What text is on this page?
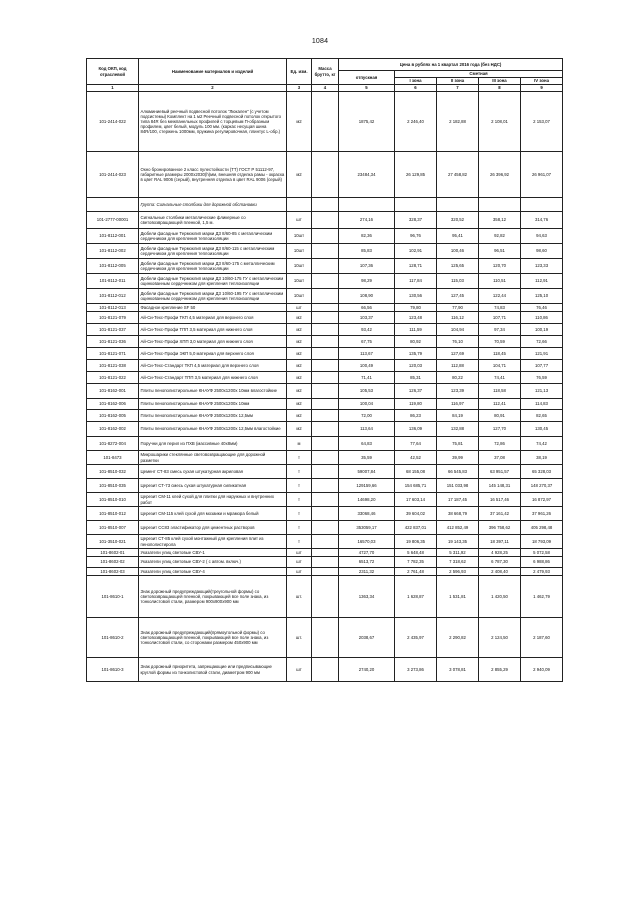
1084
Код ОКП, код отраслевой	Наименование материалов и изделий	Ед. изм.	Масса брутто, кг	Цена в рублях на 1 квартал 2016 года (без НДС)				
				отпускная	Сметная			
					I зона	II зона	III зона	IV зона
1	2	3	4	5	6	7	8	9
101-2414-022	Алюминиевый реечный подвесной потолок "Люкален" (с учетом подсистемы) Комплект на 1 м2 Реечный подвесной потолок открытого типа 84R без межпанельных профилей с торцевым П-образным профилем, цвет белый, модуль 100 мм. (каркас несущая шина 84R/100, стержень 1000мм, пружина регулировочная, плинтус L-обр.)	м2		1875,42	2 246,40	2 182,88	2 108,01	2 153,07
101-2414-023	Окно бронированное 2 класс пулестойкости (TT) ГОСТ Р 51112-97, габаритные размеры 2000х2030(h)мм, внешняя отделка рамы - окраска в цвет RAL 9006 (серый), внутренняя отделка в цвет RAL 9006 (серый)	м2		23484,34	26 129,85	27 458,82	26 396,92	26 961,07
	Группа: Сигнальные столбики для дорожной обстановки							
101-2777-00001	Сигнальные столбики металлические фликерные со световозвращающей пленкой, 1,5 м.	шт		274,16	328,37	320,52	358,12	314,76
101-8112-001	Дюбели фасадные Термоклип марки ДЗ 8/60-85 с металлическим сердечником для крепления теплоизоляции	10шт		82,36	96,76	95,41	92,82	94,63
101-8112-002	Дюбели фасадные Термоклип марки ДЗ 8/60-115 с металлическим сердечником для крепления теплоизоляции	10шт		85,83	102,91	100,46	96,51	98,60
101-8112-005	Дюбели фасадные Термоклип марки ДЗ 8/60-175 с металлическим сердечником для крепления теплоизоляции	10шт		107,36	128,71	125,65	120,70	123,33
101-8112-011	Дюбели фасадные Термоклип марки ДЗ 10/60-175 ГУ с металлическим оцинкованным сердечником для крепления теплоизоляции	10шт		98,29	117,84	115,03	110,51	112,91
101-8112-012	Дюбели фасадные Термоклип марки ДЗ 10/60-195 ГУ с металлическим оцинкованным сердечником для крепления теплоизоляции	10шт		108,90	130,56	127,45	122,44	125,10
101-8112-013	Фасадное крепление SF 50	шт		66,56	79,80	77,90	74,83	76,46
101-8121-079	Ай-Си-Техс-Профи ТКП 4,5 материал для верхнего слоя	м2		103,37	123,48	116,12	107,71	110,86
101-8121-037	Ай-Си-Техс-Профи ТПП 3,5 материал для нижнего слоя	м2		93,42	111,59	104,94	97,34	100,19
101-8121-036	Ай-Си-Техс-Профи ХПП 3,0 материал для нижнего слоя	м2		67,75	80,92	76,10	70,59	72,66
101-8121-071	Ай-Си-Техс-Профи ЭКП 5,0 материал для верхнего слоя	м2		113,67	135,79	127,69	118,45	121,91
101-8121-038	Ай-Си-Техс-Стандарт ТКП 4,5 материал для верхнего слоя	м2		100,49	120,03	112,88	104,71	107,77
101-8121-022	Ай-Си-Техс-Стандарт ТПП 3,5 материал для нижнего слоя	м2		71,41	85,31	80,22	74,41	76,59
101-8162-001	Плиты пенополистирольные КНАУФ 2500х1200х 10мм влагостойкие	м2		105,53	126,37	123,39	118,58	121,13
101-8162-006	Плиты пенополистирольные КНАУФ 2500х1200х 10мм	м2		100,04	119,80	116,97	112,41	114,83
101-8162-005	Плиты пенополистирольные КНАУФ 2500х1200х 12,5мм	м2		72,00	86,23	84,19	80,91	82,65
101-8162-002	Плиты пенополистирольные КНАУФ 2500х1200х 12,5мм влагостойкие	м2		113,64	136,09	132,88	127,70	130,45
101-8272-004	Поручни для перил из ПХВ (массивные 40х8мм)	м		64,83	77,64	75,81	72,86	74,42
101-8473	Микрошарики стеклянные световозвращающие для дорожной разметки	т		35,59	42,52	39,99	37,08	38,19
101-8510-032	Цемент СТ-83 смесь сухая штукатурная акриловая	т		59007,84	68 155,08	66 545,83	63 951,57	65 328,03
101-8510-035	Церезит СТ-73 смесь сухая штукатурная силикатная	т		129159,66	154 685,71	151 033,98	145 148,31	148 270,37
101-8510-010	Церезит СМ-11 клей сухой для плитки для наружных и внутренних работ	т		14698,20	17 603,14	17 187,45	16 517,46	16 872,97
101-8510-012	Церезит СМ-115 клей сухой для мозаики и мрамора белый	т		33068,46	39 604,02	38 668,79	37 161,42	37 961,26
101-8510-007	Церезит СС83 эластификатор для цементных растворов	т		353059,17	422 837,01	412 852,49	396 758,62	405 298,48
101-3510-021	Церезит СТ-85 клей сухой монтажный для крепления плит из пенополистирола	т		16570,03	19 806,35	19 143,35	18 397,11	18 793,09
101-8602-01	Указатели улиц световые СВУ-1	шт		4727,70	5 648,48	5 311,92	4 928,25	5 072,58
101-8602-02	Указатели улиц световые СВУ-2 ( с автом. включ.)	шт		6513,72	7 782,35	7 318,62	6 787,30	6 988,86
101-8602-03	Указатели улиц световые СВУ-4	шт		2311,32	2 761,48	2 596,93	2 408,40	2 479,93
101-8610-1	Знак дорожный предупреждающий(треугольной формы) со световозвращающей пленкой, покрывающей все поле знака, из тонколистовой стали, размером 900х900х900 мм	шт.		1363,34	1 628,87	1 531,81	1 420,50	1 462,79
101-8610-2	Знак дорожный предупреждающий(прямоугольной формы) со световозвращающей пленкой, покрывающей все поле знака, из тонколистовой стали, со сторонами размером 450х900 мм	шт.		2038,67	2 435,97	2 290,82	2 124,50	2 187,60
101-8610-3	Знак дорожный приоритета, запрещающие или предписывающие круглой формы из тонколистовой стали, диаметром 900 мм	шт		2740,20	3 273,86	3 078,81	2 855,29	2 940,09
